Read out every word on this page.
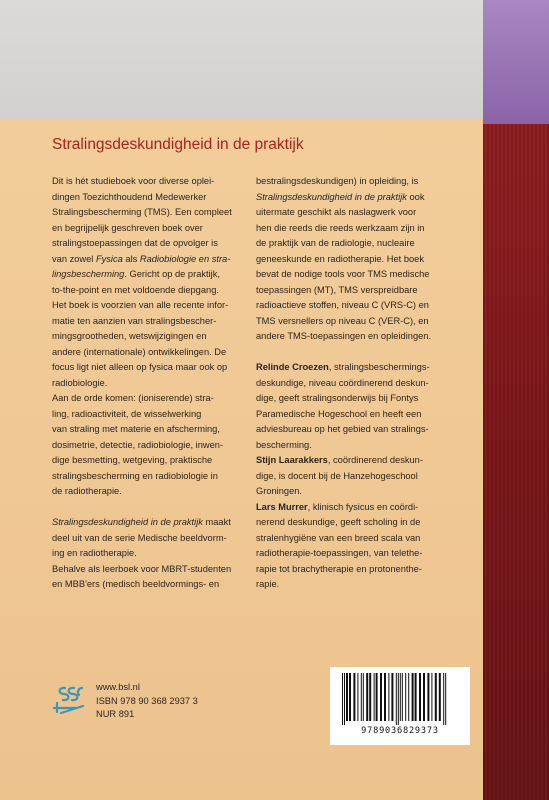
Stralingsdeskundigheid in de praktijk

Dit is hét studieboek voor diverse oplei-

dingen Toezichthoudend Medewerker

Stralingsbescherming (TMS). Een compleet

en begrijpelijk geschreven boek over

stralingstoepassingen dat de opvolger is

van zowel Fysica als Radiobiologie en stra-

lingsbescherming. Gericht op de praktijk,

to-the-point en met voldoende diepgang.

Het boek is voorzien van alle recente infor-

matie ten aanzien van stralingsbescher-

mingsgrootheden, wetswijzigingen en

andere (internationale) ontwikkelingen. De

focus ligt niet alleen op fysica maar ook op

radiobiologie.

Aan de orde komen: (ioniserende) stra-

ling, radioactiviteit, de wisselwerking

van straling met materie en afscherming,

dosimetrie, detectie, radiobiologie, inwen-

dige besmetting, wetgeving, praktische

stralingsbescherming en radiobiologie in

de radiotherapie.

Stralingsdeskundigheid in de praktijk maakt

deel uit van de serie Medische beeldvorm-

ing en radiotherapie.

Behalve als leerboek voor MBRT-studenten

en MBB'ers (medisch beeldvormings- en

bestralingsdeskundigen) in opleiding, is

Stralingsdeskundigheid in de praktijk ook

uitermate geschikt als naslagwerk voor

hen die reeds die reeds werkzaam zijn in

de praktijk van de radiologie, nucleaire

geneeskunde en radiotherapie. Het boek

bevat de nodige tools voor TMS medische

toepassingen (MT), TMS verspreidbare

radioactieve stoffen, niveau C (VRS-C) en

TMS versnellers op niveau C (VER-C), en

andere TMS-toepassingen en opleidingen.

Relinde Croezen, stralingsbeschermings-

deskundige, niveau coördinerend deskun-

dige, geeft stralingsonderwijs bij Fontys

Paramedische Hogeschool en heeft een

adviesbureau op het gebied van stralings-

bescherming.

Stijn Laarakkers, coördinerend deskun-

dige, is docent bij de Hanzehogeschool

Groningen.

Lars Murrer, klinisch fysicus en coördi-

nerend deskundige, geeft scholing in de

stralenhygiëne van een breed scala van

radiotherapie-toepassingen, van telethe-

rapie tot brachytherapie en protonenthe-

rapie.

www.bsl.nl
ISBN 978 90 368 2937 3
NUR 891
9789036829373
